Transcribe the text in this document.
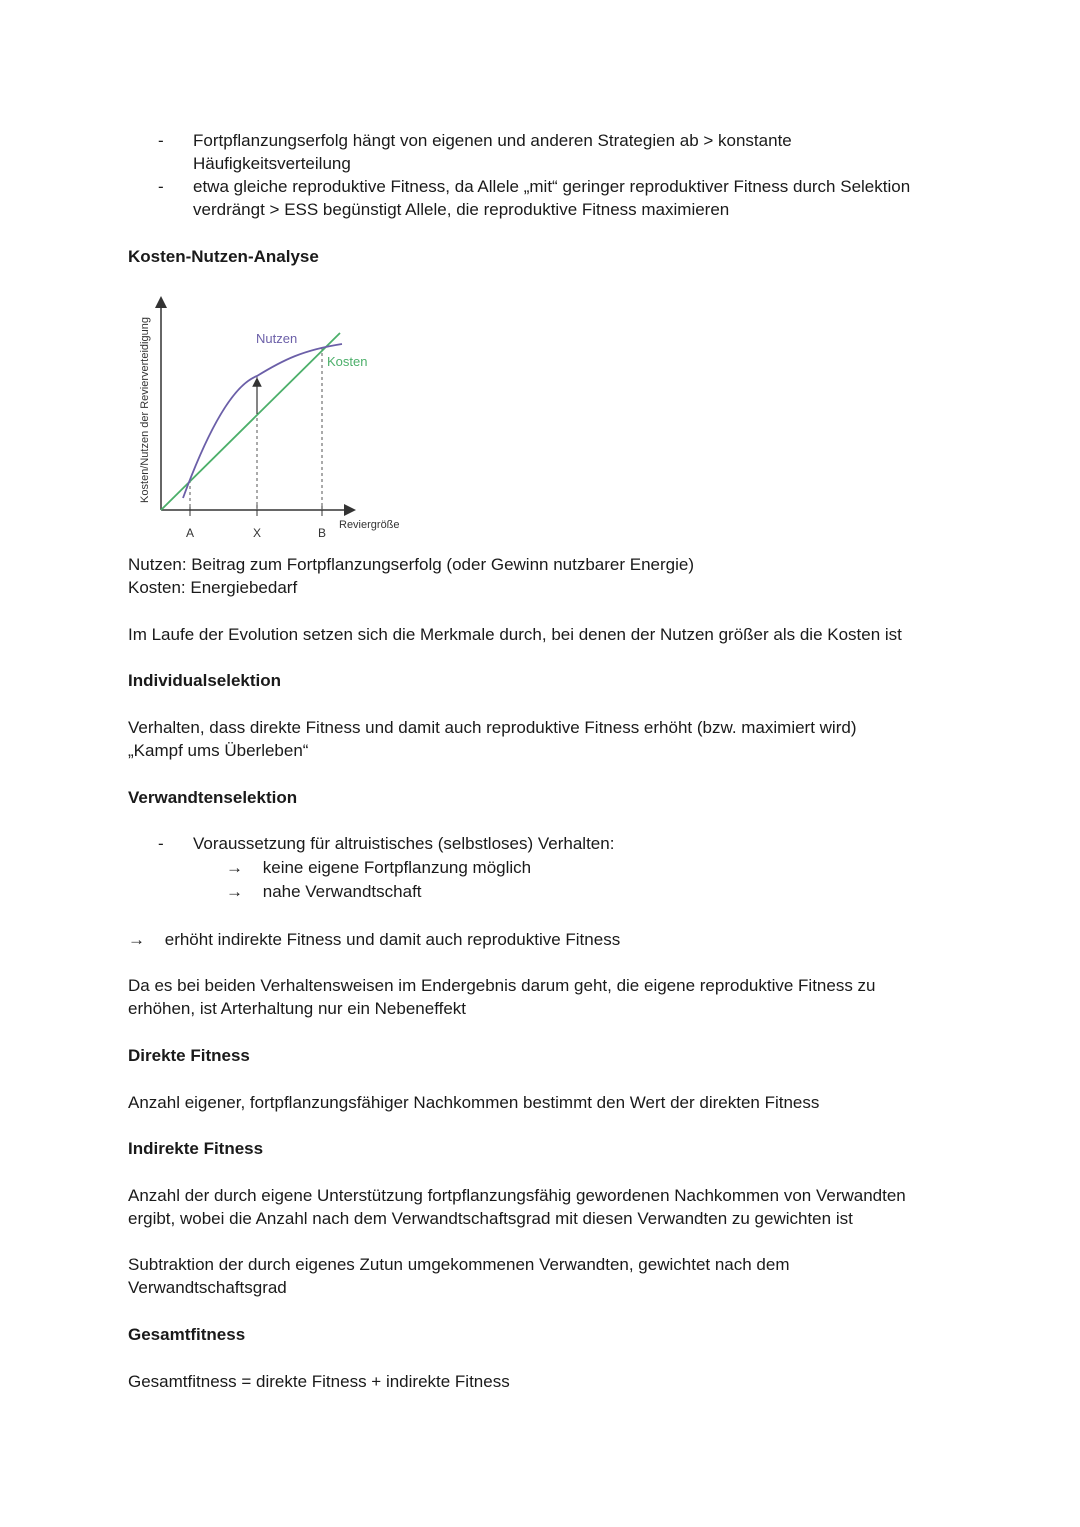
- Fortpflanzungserfolg hängt von eigenen und anderen Strategien ab > konstante
Häufigkeitsverteilung
- etwa gleiche reproduktive Fitness, da Allele „mit“ geringer reproduktiver Fitness durch Selektion
verdrängt > ESS begünstigt Allele, die reproduktive Fitness maximieren
Kosten-Nutzen-Analyse
Kosten/Nutzen der Revierverteidigung	Nutzen
Kosten
A	X	B
Reviergröße
Nutzen: Beitrag zum Fortpflanzungserfolg (oder Gewinn nutzbarer Energie)
Kosten: Energiebedarf
Im Laufe der Evolution setzen sich die Merkmale durch, bei denen der Nutzen größer als die Kosten ist
Individualselektion
Verhalten, dass direkte Fitness und damit auch reproduktive Fitness erhöht (bzw. maximiert wird)
„Kampf ums Überleben“
Verwandtenselektion
- Voraussetzung für altruistisches (selbstloses) Verhalten:
→ keine eigene Fortpflanzung möglich
→ nahe Verwandtschaft
→ erhöht indirekte Fitness und damit auch reproduktive Fitness
Da es bei beiden Verhaltensweisen im Endergebnis darum geht, die eigene reproduktive Fitness zu
erhöhen, ist Arterhaltung nur ein Nebeneffekt
Direkte Fitness
Anzahl eigener, fortpflanzungsfähiger Nachkommen bestimmt den Wert der direkten Fitness
Indirekte Fitness
Anzahl der durch eigene Unterstützung fortpflanzungsfähig gewordenen Nachkommen von Verwandten
ergibt, wobei die Anzahl nach dem Verwandtschaftsgrad mit diesen Verwandten zu gewichten ist
Subtraktion der durch eigenes Zutun umgekommenen Verwandten, gewichtet nach dem
Verwandtschaftsgrad
Gesamtfitness
Gesamtfitness = direkte Fitness + indirekte Fitness
